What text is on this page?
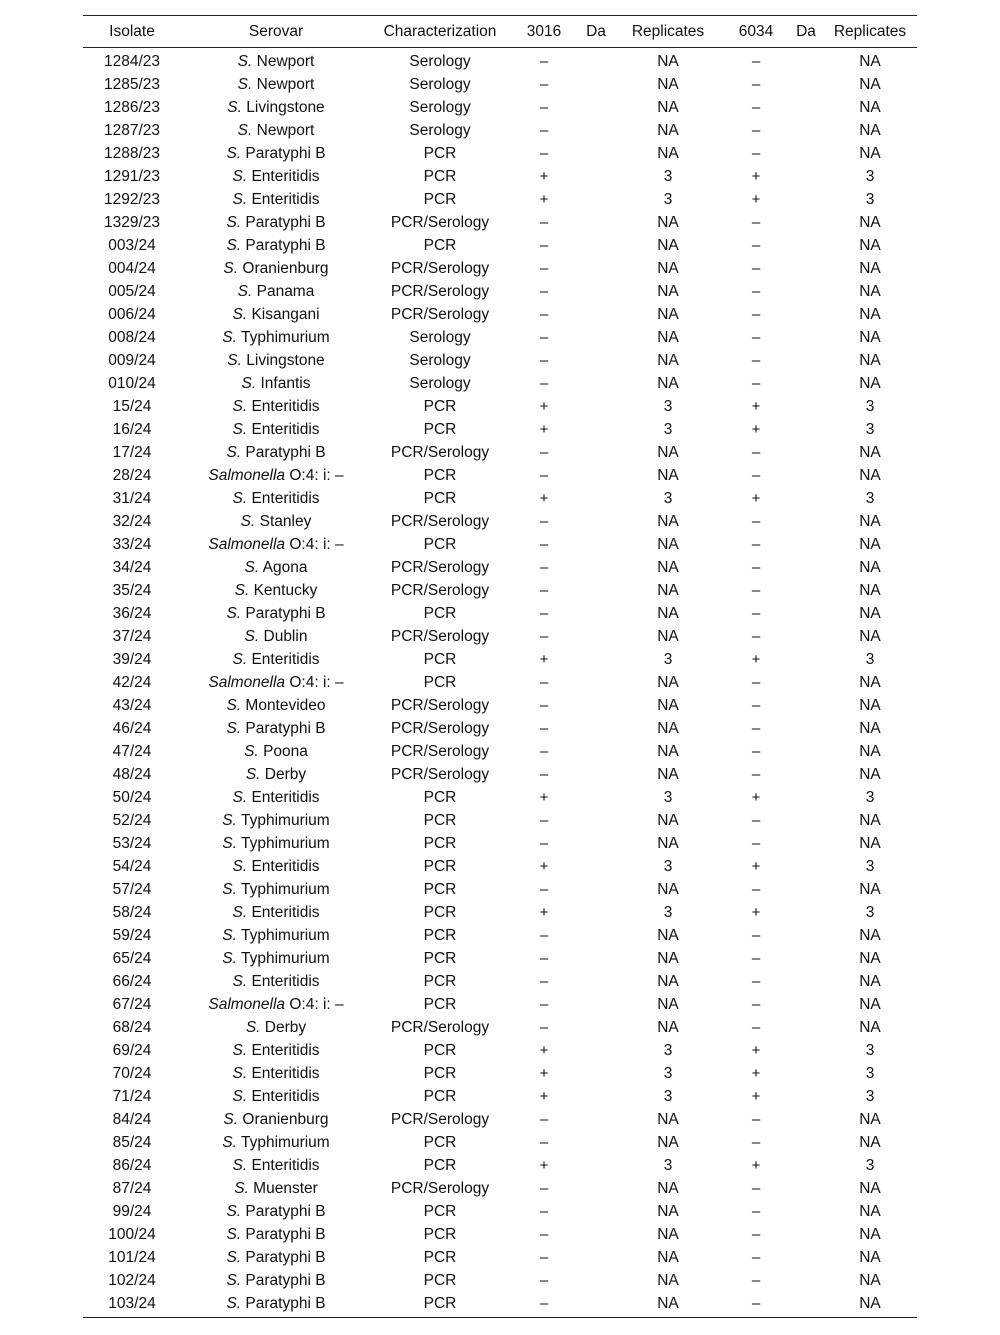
Isolate	Serovar	Characterization	3016	Da	Replicates	6034	Da	Replicates
1284/23	S. Newport	Serology	–		NA	–		NA
1285/23	S. Newport	Serology	–		NA	–		NA
1286/23	S. Livingstone	Serology	–		NA	–		NA
1287/23	S. Newport	Serology	–		NA	–		NA
1288/23	S. Paratyphi B	PCR	–		NA	–		NA
1291/23	S. Enteritidis	PCR	+		3	+		3
1292/23	S. Enteritidis	PCR	+		3	+		3
1329/23	S. Paratyphi B	PCR/Serology	–		NA	–		NA
003/24	S. Paratyphi B	PCR	–		NA	–		NA
004/24	S. Oranienburg	PCR/Serology	–		NA	–		NA
005/24	S. Panama	PCR/Serology	–		NA	–		NA
006/24	S. Kisangani	PCR/Serology	–		NA	–		NA
008/24	S. Typhimurium	Serology	–		NA	–		NA
009/24	S. Livingstone	Serology	–		NA	–		NA
010/24	S. Infantis	Serology	–		NA	–		NA
15/24	S. Enteritidis	PCR	+		3	+		3
16/24	S. Enteritidis	PCR	+		3	+		3
17/24	S. Paratyphi B	PCR/Serology	–		NA	–		NA
28/24	Salmonella O:4: i: –	PCR	–		NA	–		NA
31/24	S. Enteritidis	PCR	+		3	+		3
32/24	S. Stanley	PCR/Serology	–		NA	–		NA
33/24	Salmonella O:4: i: –	PCR	–		NA	–		NA
34/24	S. Agona	PCR/Serology	–		NA	–		NA
35/24	S. Kentucky	PCR/Serology	–		NA	–		NA
36/24	S. Paratyphi B	PCR	–		NA	–		NA
37/24	S. Dublin	PCR/Serology	–		NA	–		NA
39/24	S. Enteritidis	PCR	+		3	+		3
42/24	Salmonella O:4: i: –	PCR	–		NA	–		NA
43/24	S. Montevideo	PCR/Serology	–		NA	–		NA
46/24	S. Paratyphi B	PCR/Serology	–		NA	–		NA
47/24	S. Poona	PCR/Serology	–		NA	–		NA
48/24	S. Derby	PCR/Serology	–		NA	–		NA
50/24	S. Enteritidis	PCR	+		3	+		3
52/24	S. Typhimurium	PCR	–		NA	–		NA
53/24	S. Typhimurium	PCR	–		NA	–		NA
54/24	S. Enteritidis	PCR	+		3	+		3
57/24	S. Typhimurium	PCR	–		NA	–		NA
58/24	S. Enteritidis	PCR	+		3	+		3
59/24	S. Typhimurium	PCR	–		NA	–		NA
65/24	S. Typhimurium	PCR	–		NA	–		NA
66/24	S. Enteritidis	PCR	–		NA	–		NA
67/24	Salmonella O:4: i: –	PCR	–		NA	–		NA
68/24	S. Derby	PCR/Serology	–		NA	–		NA
69/24	S. Enteritidis	PCR	+		3	+		3
70/24	S. Enteritidis	PCR	+		3	+		3
71/24	S. Enteritidis	PCR	+		3	+		3
84/24	S. Oranienburg	PCR/Serology	–		NA	–		NA
85/24	S. Typhimurium	PCR	–		NA	–		NA
86/24	S. Enteritidis	PCR	+		3	+		3
87/24	S. Muenster	PCR/Serology	–		NA	–		NA
99/24	S. Paratyphi B	PCR	–		NA	–		NA
100/24	S. Paratyphi B	PCR	–		NA	–		NA
101/24	S. Paratyphi B	PCR	–		NA	–		NA
102/24	S. Paratyphi B	PCR	–		NA	–		NA
103/24	S. Paratyphi B	PCR	–		NA	–		NA
